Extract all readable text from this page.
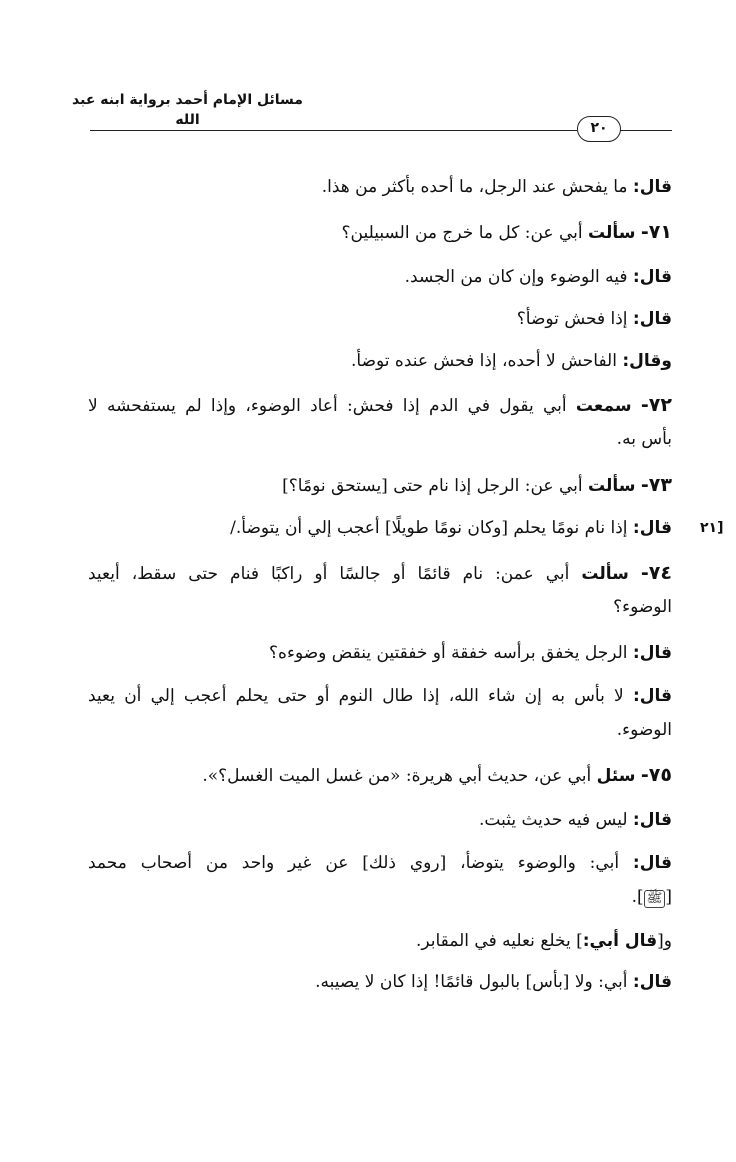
مسائل الإمام أحمد برواية ابنه عبد الله	٢٠
[٢١
قال: ما يفحش عند الرجل، ما أحده بأكثر من هذا.
٧١- سألت أبي عن: كل ما خرج من السبيلين؟
قال: فيه الوضوء وإن كان من الجسد.
قال: إذا فحش توضأ؟
وقال: الفاحش لا أحده، إذا فحش عنده توضأ.
٧٢- سمعت أبي يقول في الدم إذا فحش: أعاد الوضوء، وإذا لم يستفحشه لا
بأس به.
٧٣- سألت أبي عن: الرجل إذا نام حتى [يستحق نومًا؟]
قال: إذا نام نومًا يحلم [وكان نومًا طويلًا] أعجب إلي أن يتوضأ./
٧٤- سألت أبي عمن: نام قائمًا أو جالسًا أو راكبًا فنام حتى سقط، أيعيد
الوضوء؟
قال: الرجل يخفق برأسه خفقة أو خفقتين ينقض وضوءه؟
قال: لا بأس به إن شاء الله، إذا طال النوم أو حتى يحلم أعجب إلي أن يعيد
الوضوء.
٧٥- سئل أبي عن، حديث أبي هريرة: «من غسل الميت الغسل؟».
قال: ليس فيه حديث يثبت.
قال: أبي: والوضوء يتوضأ، [روي ذلك] عن غير واحد من أصحاب محمد
[ﷺ].
و[قال أبي:] يخلع نعليه في المقابر.
قال: أبي: ولا [بأس] بالبول قائمًا! إذا كان لا يصيبه.
